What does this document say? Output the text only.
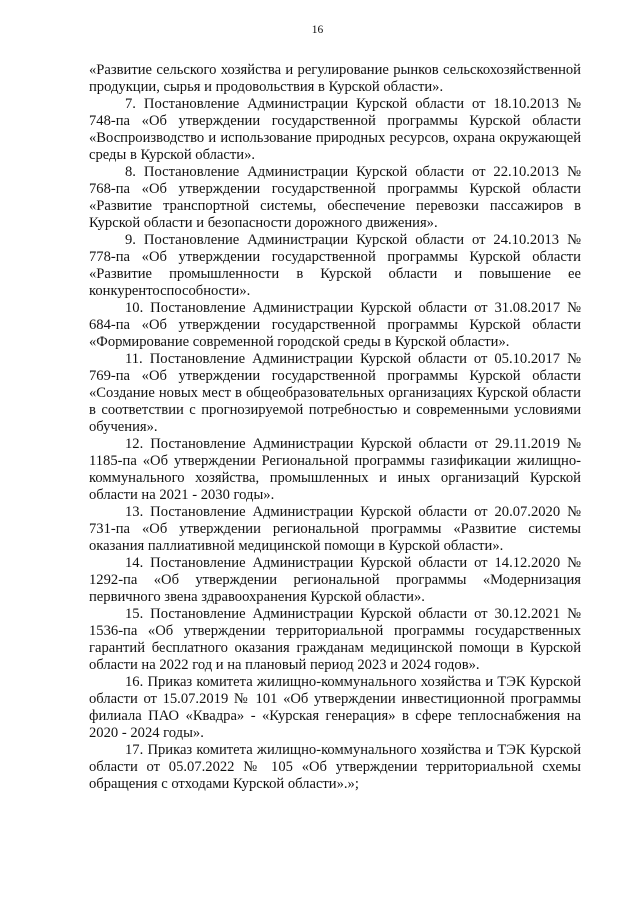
16

«Развитие сельского хозяйства и регулирование рынков сельскохозяйственной продукции, сырья и продовольствия в Курской области».

7. Постановление Администрации Курской области от 18.10.2013 № 748-па «Об утверждении государственной программы Курской области «Воспроизводство и использование природных ресурсов, охрана окружающей среды в Курской области».

8. Постановление Администрации Курской области от 22.10.2013 № 768-па «Об утверждении государственной программы Курской области «Развитие транспортной системы, обеспечение перевозки пассажиров в Курской области и безопасности дорожного движения».

9. Постановление Администрации Курской области от 24.10.2013 № 778-па «Об утверждении государственной программы Курской области «Развитие промышленности в Курской области и повышение ее конкурентоспособности».

10. Постановление Администрации Курской области от 31.08.2017 № 684-па «Об утверждении государственной программы Курской области «Формирование современной городской среды в Курской области».

11. Постановление Администрации Курской области от 05.10.2017 № 769-па «Об утверждении государственной программы Курской области «Создание новых мест в общеобразовательных организациях Курской области в соответствии с прогнозируемой потребностью и современными условиями обучения».

12. Постановление Администрации Курской области от 29.11.2019 № 1185-па «Об утверждении Региональной программы газификации жилищно-коммунального хозяйства, промышленных и иных организаций Курской области на 2021 - 2030 годы».

13. Постановление Администрации Курской области от 20.07.2020 № 731-па «Об утверждении региональной программы «Развитие системы оказания паллиативной медицинской помощи в Курской области».

14. Постановление Администрации Курской области от 14.12.2020 № 1292-па «Об утверждении региональной программы «Модернизация первичного звена здравоохранения Курской области».

15. Постановление Администрации Курской области от 30.12.2021 № 1536-па «Об утверждении территориальной программы государственных гарантий бесплатного оказания гражданам медицинской помощи в Курской области на 2022 год и на плановый период 2023 и 2024 годов».

16. Приказ комитета жилищно-коммунального хозяйства и ТЭК Курской области от 15.07.2019 № 101 «Об утверждении инвестиционной программы филиала ПАО «Квадра» - «Курская генерация» в сфере теплоснабжения на 2020 - 2024 годы».

17. Приказ комитета жилищно-коммунального хозяйства и ТЭК Курской области от 05.07.2022 № 105 «Об утверждении территориальной схемы обращения с отходами Курской области».»;
